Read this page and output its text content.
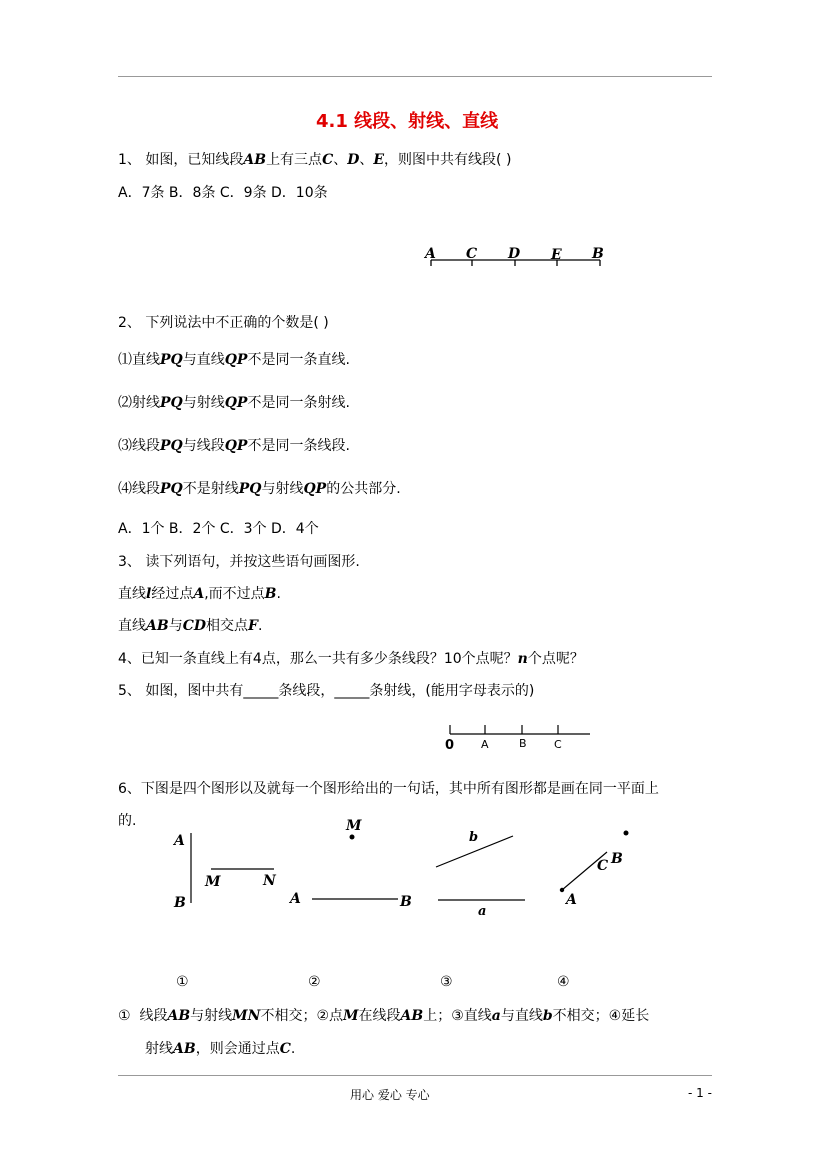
4.1 线段、射线、直线
1、 如图，已知线段AB上有三点C、D、E，则图中共有线段( )
A．7条 B．8条 C．9条 D．10条
A C D E B
2、 下列说法中不正确的个数是( )
⑴直线PQ与直线QP不是同一条直线.
⑵射线PQ与射线QP不是同一条射线.
⑶线段PQ与线段QP不是同一条线段.
⑷线段PQ不是射线PQ与射线QP的公共部分.
A．1个 B．2个 C．3个 D．4个
3、 读下列语句，并按这些语句画图形.
直线l经过点A,而不过点B.
直线AB与CD相交点F.
4、已知一条直线上有4点，那么一共有多少条线段？10个点呢？n个点呢？
5、 如图，图中共有_____条线段，_____条射线，(能用字母表示的)
0 A	B C
6、下图是四个图形以及就每一个图形给出的一句话，其中所有图形都是画在同一平面上
的.
A
B
M	N
M
A	B
b
a
C B
A
①	②	③	④
① 线段AB与射线MN不相交；②点M在线段AB上；③直线a与直线b不相交；④延长
射线AB，则会通过点C.
用心 爱心 专心	- 1 -
